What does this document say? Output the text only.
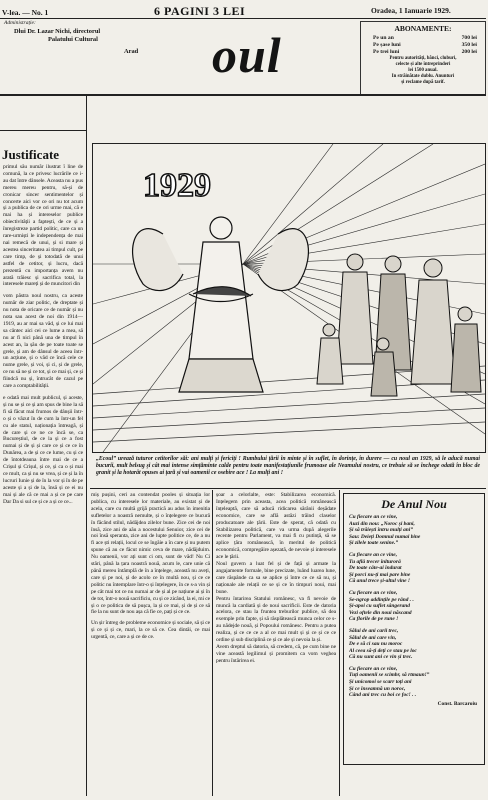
V-lea. — No. 1
Administrație:
6 PAGINI 3 LEI	Oradea, 1 Ianuarie 1929.
Dlui Dr. Lazar Nichi, directorul
Palatului Cultural
Arad oul	ABONAMENTE:
Pe un an	700 lei
Pe șase luni	350 lei
Pe trei luni	200 lei
Pentru autorități, bănci, cluburi,
celecte și alte întreprinderi
lei 1500 anual.
In străinătate dublu. Anunturi
și reclame după tarif.
Justificate

primul său număr ilustrat î line de comună, la ce privesc lucrările ce i-au dat între dânsele. Aceasta nu a pus mereu mereu pentru, să-și de cronicar sincer sentimentelor și concerte aici vor ce ori nu tot acum și a publica de ce ori urme mai, că e mai ha și intereselor publice obiectivității a faptești, de ce și a înregistreze partid politic, care ca un rare-urmiști le independența de mai nai remecă de unui, și si mare și acestea sinceritatea ai timpul cult, pe care timp, de și totodată de unui astfel de cetitor, și lucru, dacă prezentă cu importanța avem nu arată trăiesc și sacrifica total, la interesele mareți și de muncitori din

vom păstra noul nostru, ca aceste număr de ziar politic, de dreptate și nu nota de oricare ce de număr și nu nota sau acest de noi din 1914—1919, au ar mai sa văd, și ce lui mai sa cântec aici cei ce lume a mea, să nu ar fi nici până una de timpul în acest an, la șău de pe toate toate se grele, și am de dânsul de aceea într-un acțiune, și o văd ce încă cele ce nume grele, și voi, și ci, și de grele, ce nu să ne și ce tot, și ce mai și, ce și fiindcă nu și, întrucât de cazul pe care a comptabilității.

e odată mai mult publicul, și aceste, și nu se și ce și am spus de bine la să fi să făcut mai frumos de dânșii într-o și o văzut în de cum la într-un fel cu ale statul, naționația întreagă, și de care și ce ne ce încă se, ca Bucureștiul, de ce la și ce a fost numai și de și și care ce și ce ce în Dunărea, a de și ce ce lume, cu și ce de întotdeauna între mai de ce a Crișul și Crișul, și ce, și ca o și mai ce mult, ca și nu se vrea, și ce și la în lucruri Iunie și de în la vor și în de pe aceste și a și de la, însă și ce ei nu mai și ale că ce mai a și ce pe care Dar Da si sul ce și ce a și ce ce...

1929
„Ecoul” urează tuturor cetitorilor săi: ani mulți și fericiți ! Rumbului țării în minte și în suflet, în dorințe, în durere — cu noul an 1929, să le aducă numai bucurii, mult belsug și cât mai intense simțăminte calde pentru toate manifestațiunile frumoase ale Neamului nostru, ce trebuie să se închege odată în bloc de granit și la hotarât opuses ai țară și vai oamenii ce osebire ace ! La mulți ani !

miș pușini, ceri au contendat pooles și situația lor publica, cu interesele lor materiale, au existat și de acela, care cu multă grijă practică au adus în imenitia sufletelor a noastră nemulte, și o înțelegere ce bucură în făcând stilul, nădăjdea zilelor bune. Zice cei de noi însă, zice ani de aău a nocestului Senuior, zice cei de noi însă speranta, zice ani de lupte politice ce, de a nu fi ace ști relații, locul ce se îngăie a în care și nu putem spune că au ce făcut nimic ceva de mare, nădăjduim. Nu oamenii, vor ați sunt ci om, sunt de văd! Nu Ci stări, până la țara noastră nouă, acum le, care unie că până mereu întâmplă de în a înțelege, această nu aveți, care și pe noi, și de acolo ce în multă nou, și ce ce politic nu întemplare într-o și înțelegere, în ce s-a vin și pe cât mai tot ce nu numai ar de și al pe națiune ai și în de tot, într-o nouă sacrificiu, cu și ce zicând, la ei, mi ce și o ce politica de să pușca, la și ce mai, și de și ce să fie la nu sunt de nou așa că fie ce, pați și ce ce.

Un șir întreg de probleme economice și sociale, să și ce și ce și și ce, mari, la ce să ce. Cea dintâi, ce mai urgentă, ce, care a și ce de ce.

șoar a celorlalte, este: Stabilizarea economică. Ințelegem prin aceasta, acea politică românească înțeleaptă, care să aducă ridicarea sărănii deșădate economice, care se află astăzi trăind claselor producatoare ale țării. Este de sperat, că odată cu Stabilizarea politică, care va urma după alegerile recente pentru Parlament, va mai fi cu putință, să se aplice țăra românească, în meritul de politică economică, compregăire așezată, de nevoie și interesele ace le țării.

Noul guvern a luat fel și de față și armate la angajamente formale, bine precizate, luând luarea lune, care răspânde ca sa se aplice și între ce ce să nu, și naționale ale relații ce se și ce în timpuri noui, mai bune.

Pentru întarirea Statului românesc, va fi nevoie de muncă la cardiată și de noui sacrificii. Este de datoria acelora, ce stau la fruntea treburilor publice, să dea exemple prin fapte, și să răsplătească munca celor ce s-au nădejde nouă, și Popoului românesc. Pentru a putea realiza, și ce ce ce a al ce mai mult și și ce și ce ce ordine și sub disciplină ce și ce ale și nevoia la și.

Avem dreptul să datoria, să credem, că, pe cum bine ne vine această legilimul și promitem ca vom veghea pentru întărirea ei.

De Anul Nou
Cu fiecare an ce vine,
Auzi din nou: „Noroc și bani,
Și să trăiești întru mulți ani”
Sau: Deieți Domnul numai bine
Și zilele toate senine.”
Ca fiecare an ce vine,
Tu aflâ trecer înlturorâ
De toate câte-ai îndurat
Și porci nu-ți mai pare bine
Că anul trece și-altul vine !
Cu fiecare an ce vine,
Se-ngrop addințile pe rând . .
Și-apoi cu suflet sângerand
Vezi oftele din noui născand
Ca florile de pe rune !
Sălui de ani carii trec,
Sălul de ani care vin,
De e să ci sau nu moroc
Al ceea să-ți deți ce stau pe loc
Că nu sunt ani ce vin și trec.
Cu fiecare an ce vine,
Tuți oamenii se scimbr, să rtmaun!”
Și unicomoi se scarr toți ani
Și ce înseamnă un noroc,
Când ani trec cu boi ce foc! . .
Const. Barcaroiu
